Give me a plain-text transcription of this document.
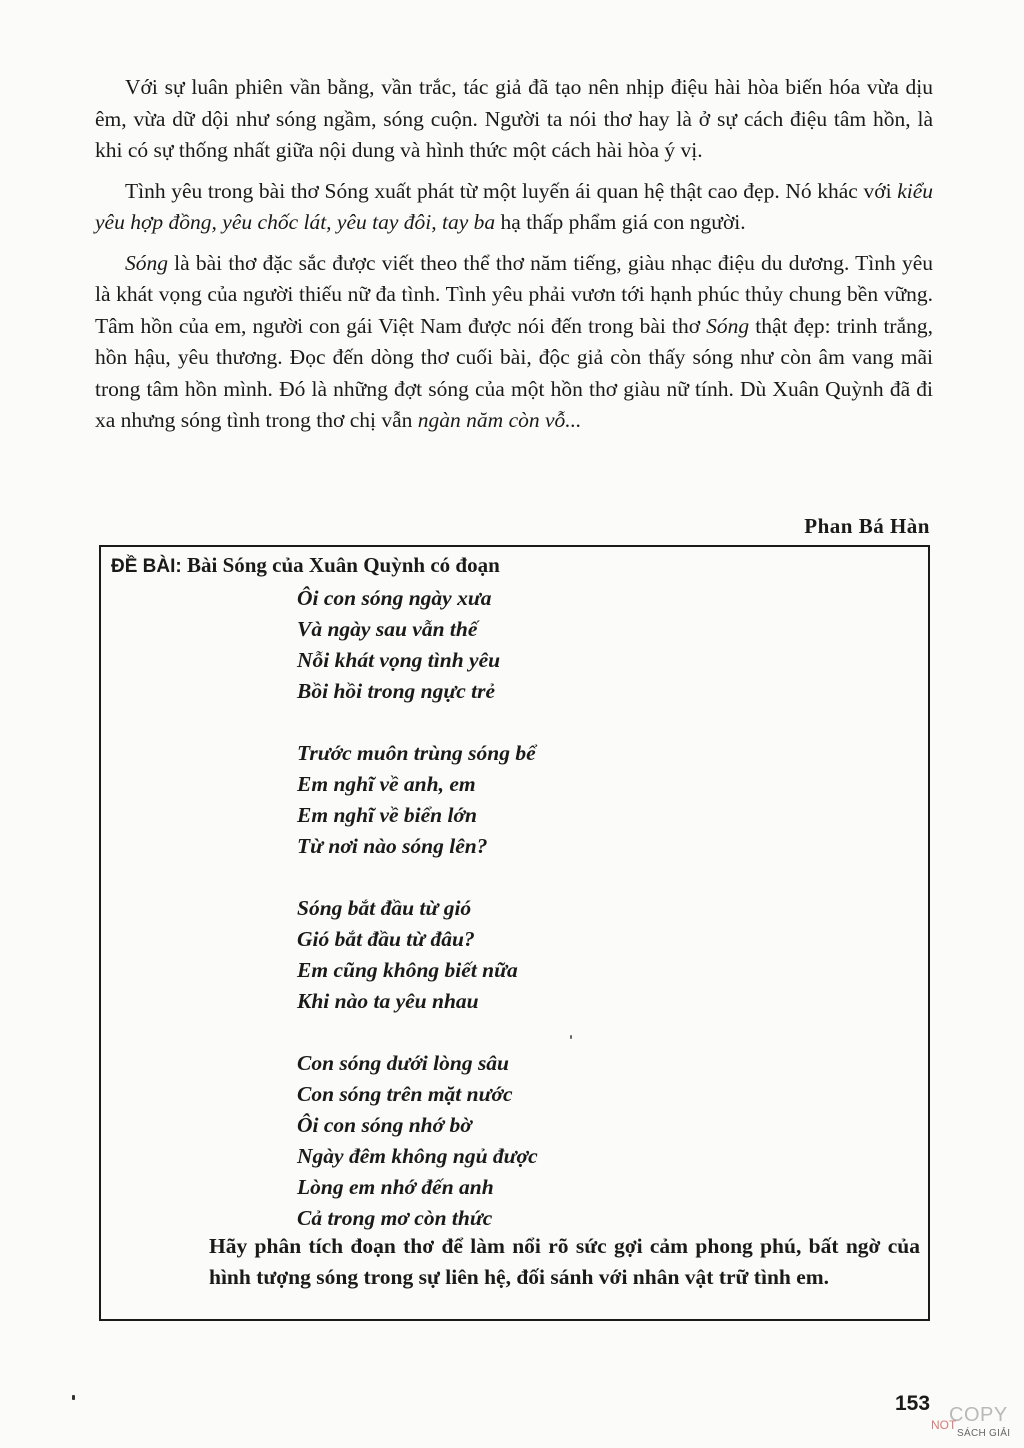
Với sự luân phiên vần bằng, vần trắc, tác giả đã tạo nên nhịp điệu hài hòa biến hóa vừa dịu êm, vừa dữ dội như sóng ngầm, sóng cuộn. Người ta nói thơ hay là ở sự cách điệu tâm hồn, là khi có sự thống nhất giữa nội dung và hình thức một cách hài hòa ý vị.

Tình yêu trong bài thơ Sóng xuất phát từ một luyến ái quan hệ thật cao đẹp. Nó khác với kiểu yêu hợp đồng, yêu chốc lát, yêu tay đôi, tay ba hạ thấp phẩm giá con người.

Sóng là bài thơ đặc sắc được viết theo thể thơ năm tiếng, giàu nhạc điệu du dương. Tình yêu là khát vọng của người thiếu nữ đa tình. Tình yêu phải vươn tới hạnh phúc thủy chung bền vững. Tâm hồn của em, người con gái Việt Nam được nói đến trong bài thơ Sóng thật đẹp: trinh trắng, hồn hậu, yêu thương. Đọc đến dòng thơ cuối bài, độc giả còn thấy sóng như còn âm vang mãi trong tâm hồn mình. Đó là những đợt sóng của một hồn thơ giàu nữ tính. Dù Xuân Quỳnh đã đi xa nhưng sóng tình trong thơ chị vẫn ngàn năm còn vỗ...

Phan Bá Hàn
ĐỀ BÀI: Bài Sóng của Xuân Quỳnh có đoạn
Ôi con sóng ngày xưa
Và ngày sau vẫn thế
Nỗi khát vọng tình yêu
Bồi hồi trong ngực trẻ
Trước muôn trùng sóng bể
Em nghĩ về anh, em
Em nghĩ về biển lớn
Từ nơi nào sóng lên?
Sóng bắt đầu từ gió
Gió bắt đầu từ đâu?
Em cũng không biết nữa
Khi nào ta yêu nhau
Con sóng dưới lòng sâu
Con sóng trên mặt nước
Ôi con sóng nhớ bờ
Ngày đêm không ngủ được
Lòng em nhớ đến anh
Cả trong mơ còn thức
Hãy phân tích đoạn thơ để làm nổi rõ sức gợi cảm phong phú, bất ngờ của hình tượng sóng trong sự liên hệ, đối sánh với nhân vật trữ tình em.
153 COPY
NOT
SÁCH GIẢI
